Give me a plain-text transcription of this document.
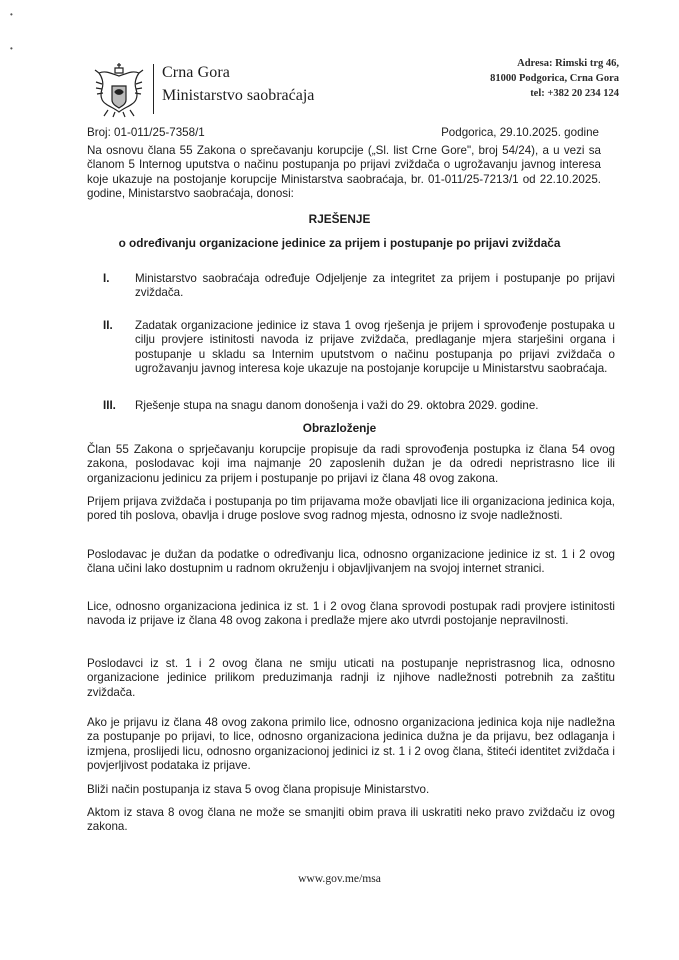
•
•
Crna Gora
Ministarstvo saobraćaja
Adresa: Rimski trg 46,
81000 Podgorica, Crna Gora
tel: +382 20 234 124
Broj: 01-011/25-7358/1	Podgorica, 29.10.2025. godine
Na osnovu člana 55 Zakona o sprečavanju korupcije („Sl. list Crne Gore", broj 54/24), a u vezi sa članom 5 Internog uputstva o načinu postupanja po prijavi zviždača o ugrožavanju javnog interesa koje ukazuje na postojanje korupcije Ministarstva saobraćaja, br. 01-011/25-7213/1 od 22.10.2025. godine, Ministarstvo saobraćaja, donosi:
RJEŠENJE
o određivanju organizacione jedinice za prijem i postupanje po prijavi zviždača
I. Ministarstvo saobraćaja određuje Odjeljenje za integritet za prijem i postupanje po prijavi zviždača.
II. Zadatak organizacione jedinice iz stava 1 ovog rješenja je prijem i sprovođenje postupaka u cilju provjere istinitosti navoda iz prijave zviždača, predlaganje mjera starješini organa i postupanje u skladu sa Internim uputstvom o načinu postupanja po prijavi zviždača o ugrožavanju javnog interesa koje ukazuje na postojanje korupcije u Ministarstvu saobraćaja.
III. Rješenje stupa na snagu danom donošenja i važi do 29. oktobra 2029. godine.
Obrazloženje
Član 55 Zakona o sprječavanju korupcije propisuje da radi sprovođenja postupka iz člana 54 ovog zakona, poslodavac koji ima najmanje 20 zaposlenih dužan je da odredi nepristrasno lice ili organizacionu jedinicu za prijem i postupanje po prijavi iz člana 48 ovog zakona.
Prijem prijava zviždača i postupanja po tim prijavama može obavljati lice ili organizaciona jedinica koja, pored tih poslova, obavlja i druge poslove svog radnog mjesta, odnosno iz svoje nadležnosti.
Poslodavac je dužan da podatke o određivanju lica, odnosno organizacione jedinice iz st. 1 i 2 ovog člana učini lako dostupnim u radnom okruženju i objavljivanjem na svojoj internet stranici.
Lice, odnosno organizaciona jedinica iz st. 1 i 2 ovog člana sprovodi postupak radi provjere istinitosti navoda iz prijave iz člana 48 ovog zakona i predlaže mjere ako utvrdi postojanje nepravilnosti.
Poslodavci iz st. 1 i 2 ovog člana ne smiju uticati na postupanje nepristrasnog lica, odnosno organizacione jedinice prilikom preduzimanja radnji iz njihove nadležnosti potrebnih za zaštitu zviždača.
Ako je prijavu iz člana 48 ovog zakona primilo lice, odnosno organizaciona jedinica koja nije nadležna za postupanje po prijavi, to lice, odnosno organizaciona jedinica dužna je da prijavu, bez odlaganja i izmjena, proslijedi licu, odnosno organizacionoj jedinici iz st. 1 i 2 ovog člana, štiteći identitet zviždača i povjerljivost podataka iz prijave.
Bliži način postupanja iz stava 5 ovog člana propisuje Ministarstvo.
Aktom iz stava 8 ovog člana ne može se smanjiti obim prava ili uskratiti neko pravo zviždaču iz ovog zakona.
www.gov.me/msa
